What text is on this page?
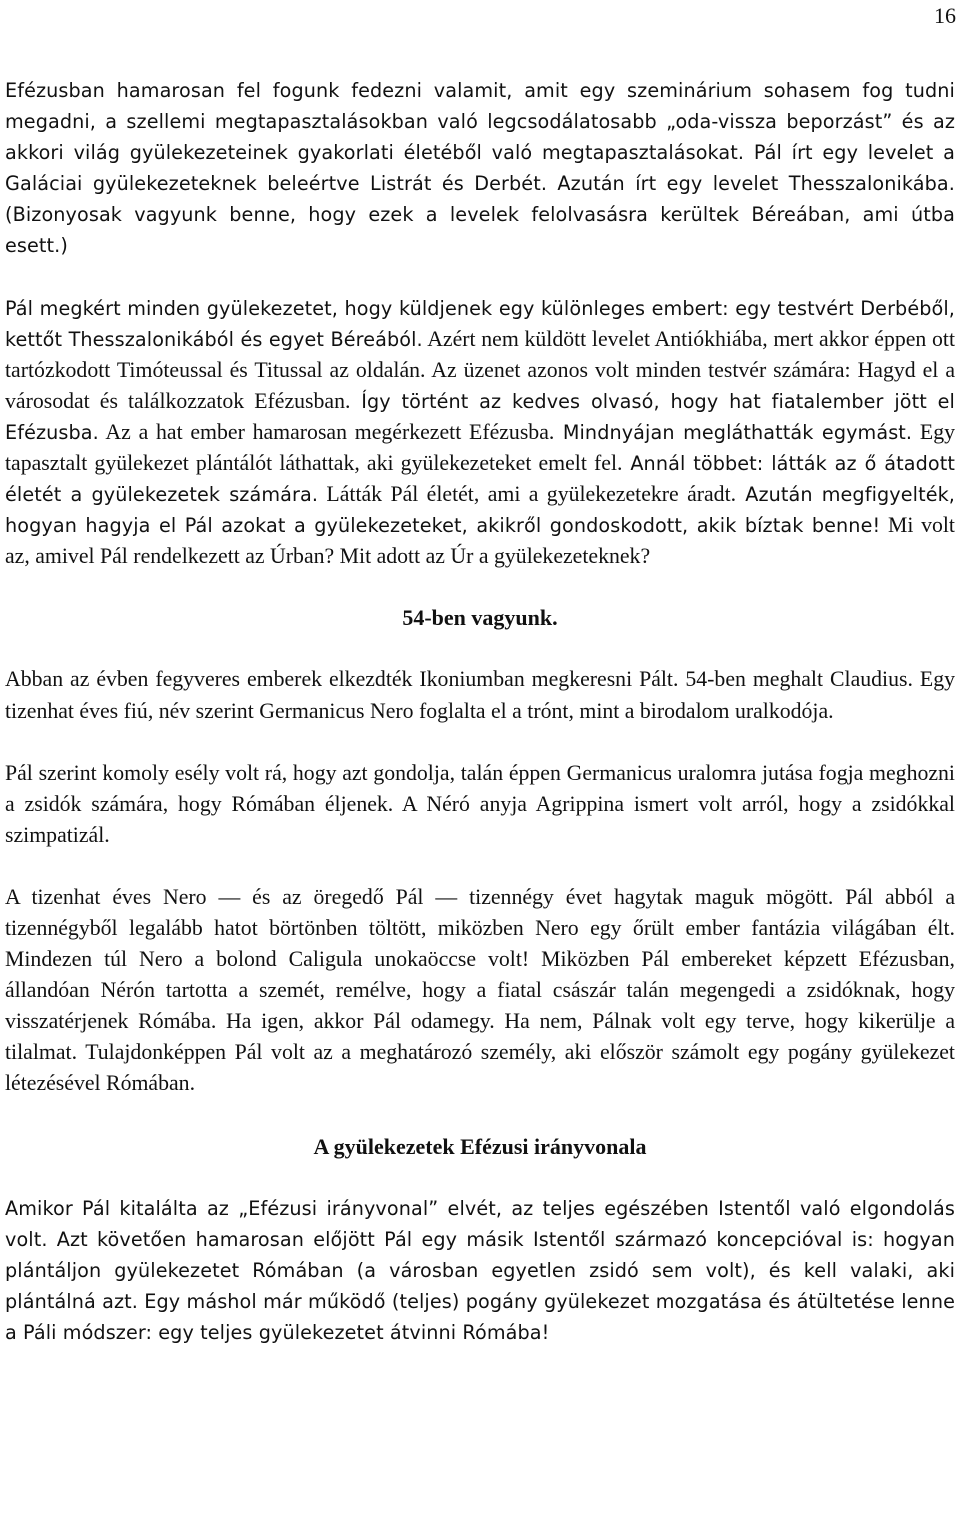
16

Efézusban hamarosan fel fogunk fedezni valamit, amit egy szeminárium sohasem fog tudni megadni, a szellemi megtapasztalásokban való legcsodálatosabb „oda-vissza beporzást” és az akkori világ gyülekezeteinek gyakorlati életéből való megtapasztalásokat. Pál írt egy levelet a Galáciai gyülekezeteknek beleértve Listrát és Derbét. Azután írt egy levelet Thesszalonikába. (Bizonyosak vagyunk benne, hogy ezek a levelek felolvasásra kerültek Béreában, ami útba esett.)

Pál megkért minden gyülekezetet, hogy küldjenek egy különleges embert: egy testvért Derbéből, kettőt Thesszalonikából és egyet Béreából. Azért nem küldött levelet Antiókhiába, mert akkor éppen ott tartózkodott Timóteussal és Titussal az oldalán. Az üzenet azonos volt minden testvér számára: Hagyd el a városodat és találkozzatok Efézusban. Így történt az kedves olvasó, hogy hat fiatalember jött el Efézusba. Az a hat ember hamarosan megérkezett Efézusba. Mindnyájan megláthatták egymást. Egy tapasztalt gyülekezet plántálót láthattak, aki gyülekezeteket emelt fel. Annál többet: látták az ő átadott életét a gyülekezetek számára. Látták Pál életét, ami a gyülekezetekre áradt. Azután megfigyelték, hogyan hagyja el Pál azokat a gyülekezeteket, akikről gondoskodott, akik bíztak benne! Mi volt az, amivel Pál rendelkezett az Úrban? Mit adott az Úr a gyülekezeteknek?

54-ben vagyunk.

Abban az évben fegyveres emberek elkezdték Ikoniumban megkeresni Pált. 54-ben meghalt Claudius. Egy tizenhat éves fiú, név szerint Germanicus Nero foglalta el a trónt, mint a birodalom uralkodója.

Pál szerint komoly esély volt rá, hogy azt gondolja, talán éppen Germanicus uralomra jutása fogja meghozni a zsidók számára, hogy Rómában éljenek. A Néró anyja Agrippina ismert volt arról, hogy a zsidókkal szimpatizál.

A tizenhat éves Nero — és az öregedő Pál — tizennégy évet hagytak maguk mögött. Pál abból a tizennégyből legalább hatot börtönben töltött, miközben Nero egy őrült ember fantázia világában élt. Mindezen túl Nero a bolond Caligula unokaöccse volt! Miközben Pál embereket képzett Efézusban, állandóan Nérón tartotta a szemét, remélve, hogy a fiatal császár talán megengedi a zsidóknak, hogy visszatérjenek Rómába. Ha igen, akkor Pál odamegy. Ha nem, Pálnak volt egy terve, hogy kikerülje a tilalmat. Tulajdonképpen Pál volt az a meghatározó személy, aki először számolt egy pogány gyülekezet létezésével Rómában.

A gyülekezetek Efézusi irányvonala

Amikor Pál kitalálta az „Efézusi irányvonal” elvét, az teljes egészében Istentől való elgondolás volt. Azt követően hamarosan előjött Pál egy másik Istentől származó koncepcióval is: hogyan plántáljon gyülekezetet Rómában (a városban egyetlen zsidó sem volt), és kell valaki, aki plántálná azt. Egy máshol már működő (teljes) pogány gyülekezet mozgatása és átültetése lenne a Páli módszer: egy teljes gyülekezetet átvinni Rómába!
